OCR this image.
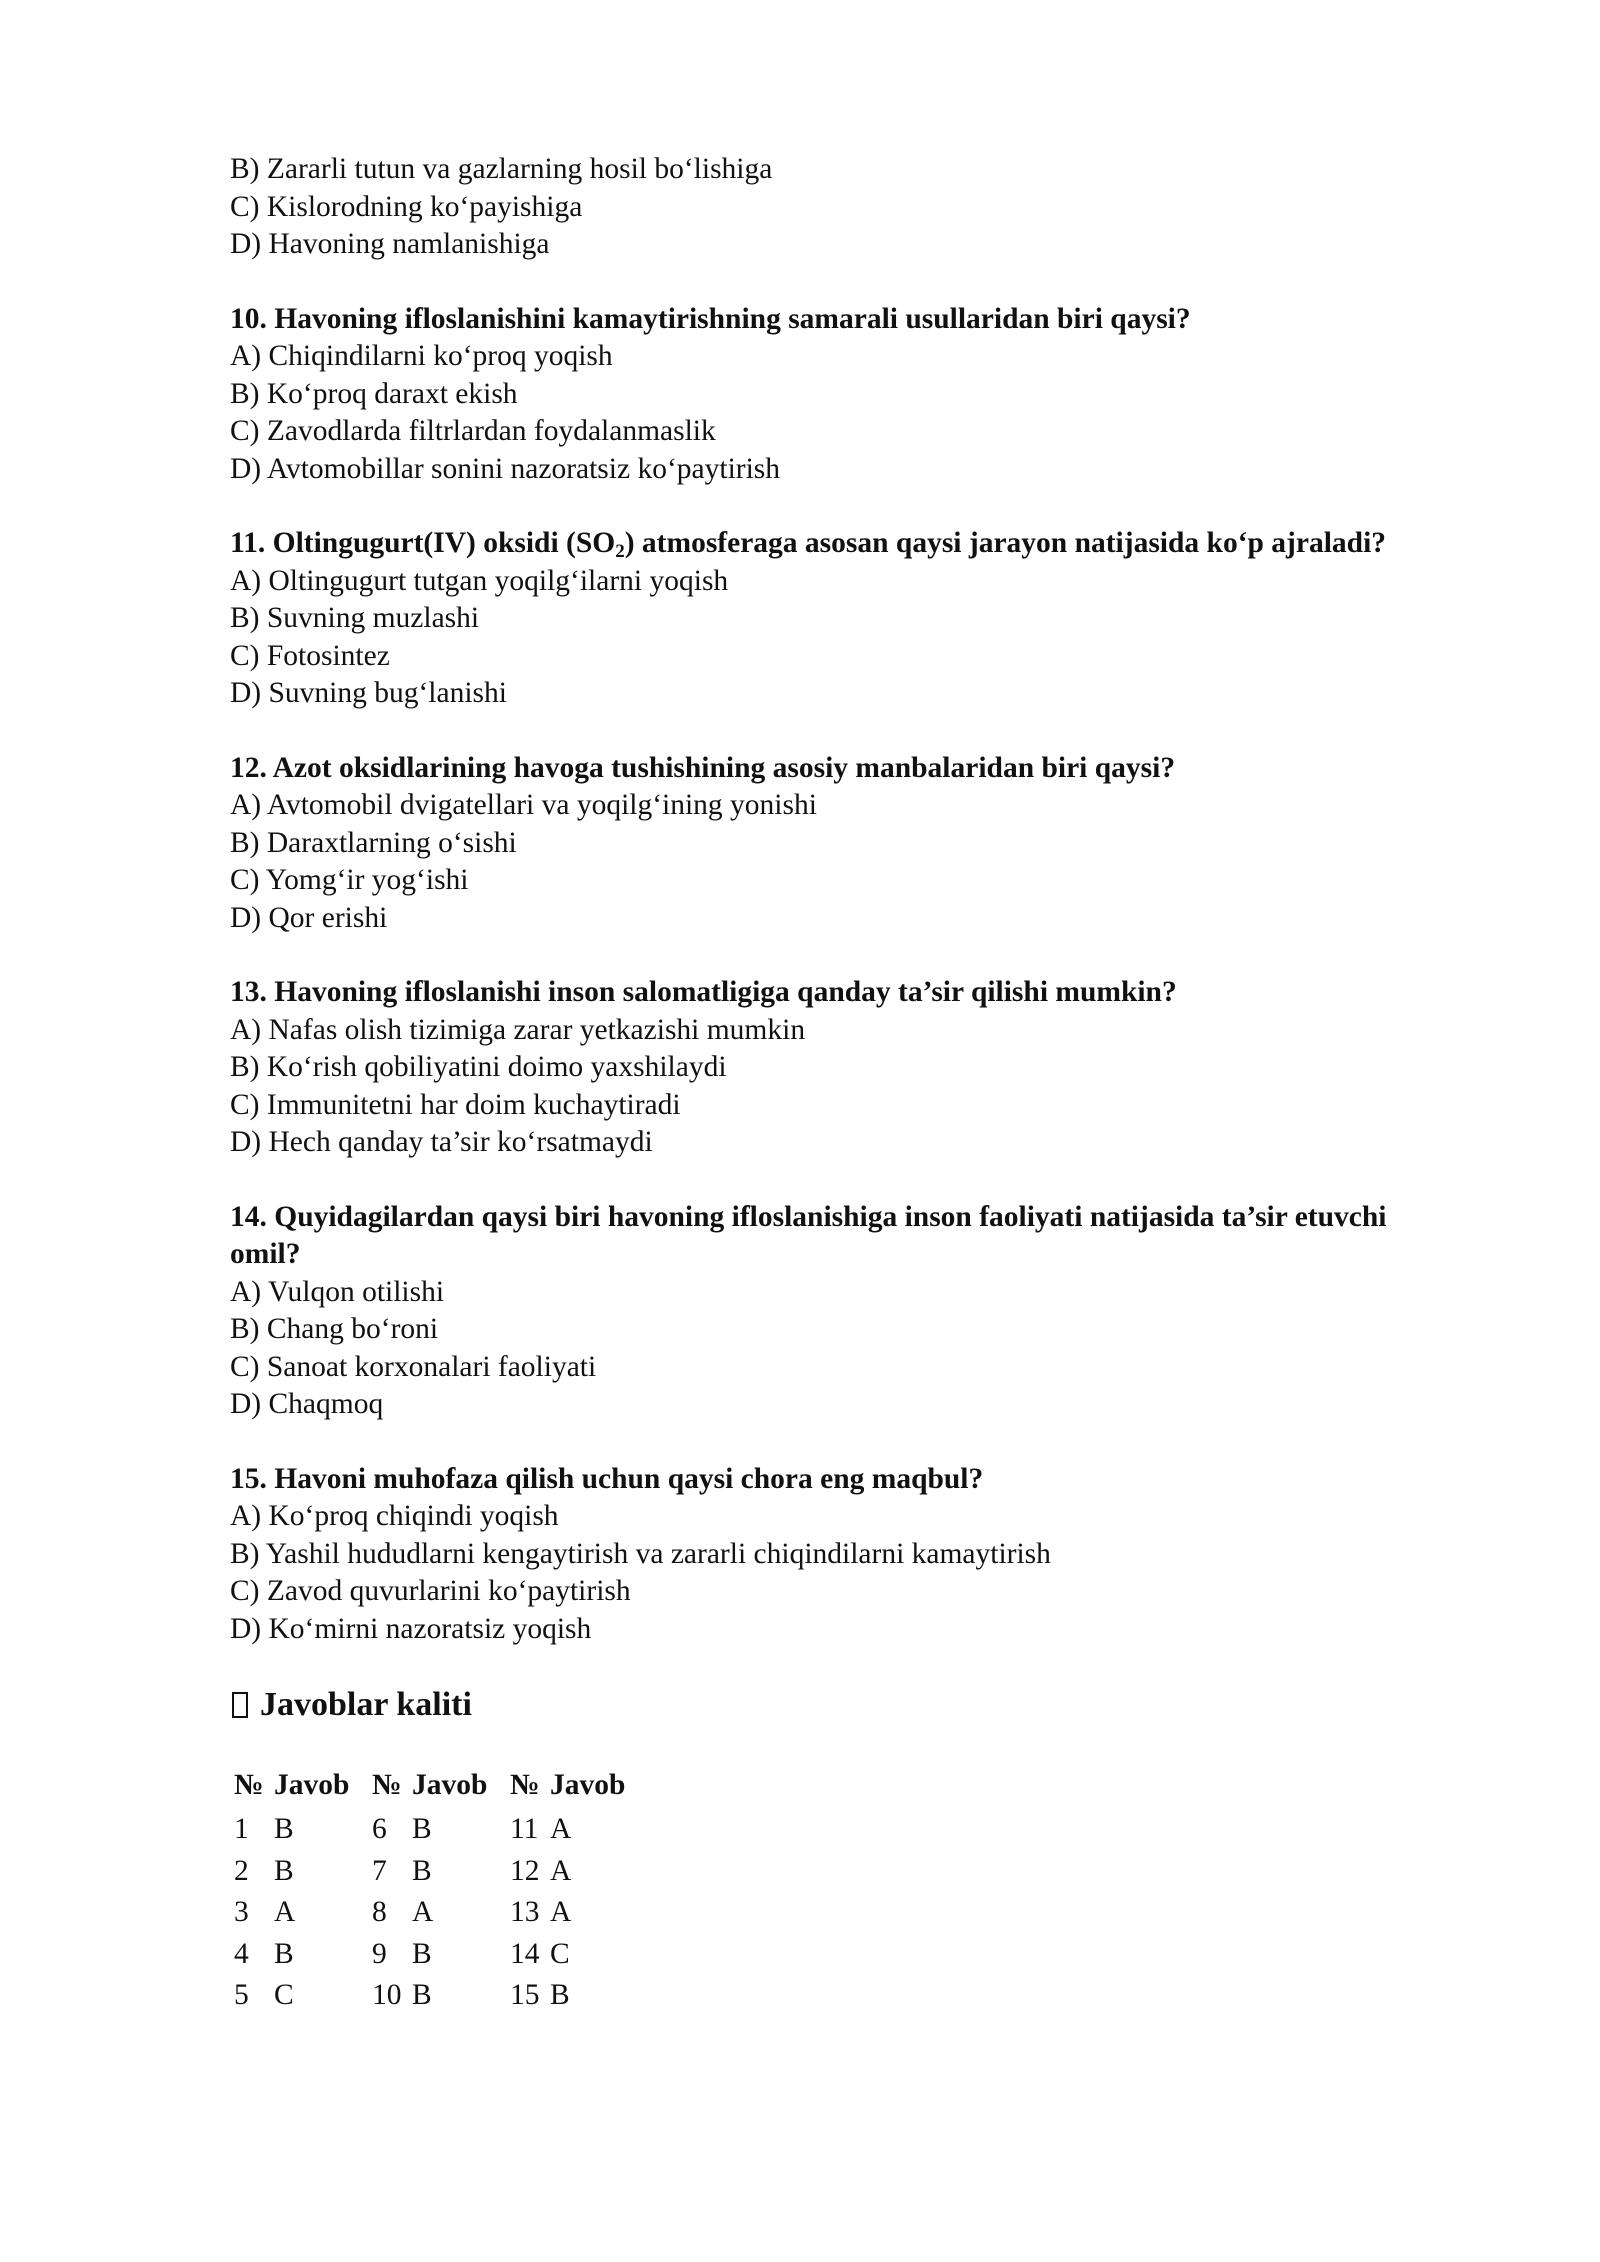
B) Zararli tutun va gazlarning hosil bo‘lishiga
C) Kislorodning ko‘payishiga
D) Havoning namlanishiga
10. Havoning ifloslanishini kamaytirishning samarali usullaridan biri qaysi?
A) Chiqindilarni ko‘proq yoqish
B) Ko‘proq daraxt ekish
C) Zavodlarda filtrlardan foydalanmaslik
D) Avtomobillar sonini nazoratsiz ko‘paytirish
11. Oltingugurt(IV) oksidi $(SO_2)$ atmosferaga asosan qaysi jarayon natijasida ko‘p ajraladi?
A) Oltingugurt tutgan yoqilg‘ilarni yoqish
B) Suvning muzlashi
C) Fotosintez
D) Suvning bug‘lanishi
12. Azot oksidlarining havoga tushishining asosiy manbalaridan biri qaysi?
A) Avtomobil dvigatellari va yoqilg‘ining yonishi
B) Daraxtlarning o‘sishi
C) Yomg‘ir yog‘ishi
D) Qor erishi
13. Havoning ifloslanishi inson salomatligiga qanday ta’sir qilishi mumkin?
A) Nafas olish tizimiga zarar yetkazishi mumkin
B) Ko‘rish qobiliyatini doimo yaxshilaydi
C) Immunitetni har doim kuchaytiradi
D) Hech qanday ta’sir ko‘rsatmaydi
14. Quyidagilardan qaysi biri havoning ifloslanishiga inson faoliyati natijasida ta’sir etuvchi omil?
A) Vulqon otilishi
B) Chang bo‘roni
C) Sanoat korxonalari faoliyati
D) Chaqmoq
15. Havoni muhofaza qilish uchun qaysi chora eng maqbul?
A) Ko‘proq chiqindi yoqish
B) Yashil hududlarni kengaytirish va zararli chiqindilarni kamaytirish
C) Zavod quvurlarini ko‘paytirish
D) Ko‘mirni nazoratsiz yoqish
Javoblar kaliti
№	Javob	№	Javob	№	Javob
1	B	6	B	11	A
2	B	7	B	12	A
3	A	8	A	13	A
4	B	9	B	14	C
5	C	10	B	15	B
